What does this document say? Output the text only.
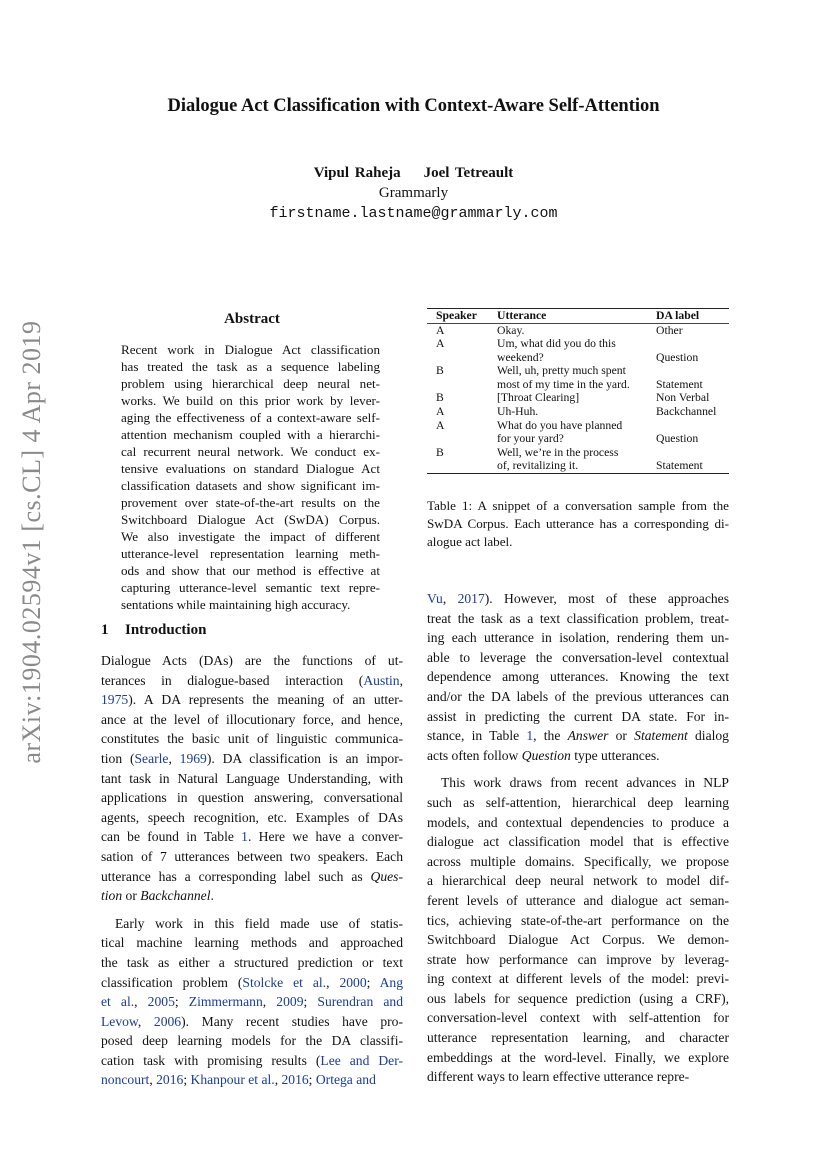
Dialogue Act Classification with Context-Aware Self-Attention
Vipul Raheja    Joel Tetreault
Grammarly
firstname.lastname@grammarly.com
arXiv:1904.02594v1 [cs.CL] 4 Apr 2019
Abstract
Recent work in Dialogue Act classification
has treated the task as a sequence labeling
problem using hierarchical deep neural net-
works. We build on this prior work by lever-
aging the effectiveness of a context-aware self-
attention mechanism coupled with a hierarchi-
cal recurrent neural network. We conduct ex-
tensive evaluations on standard Dialogue Act
classification datasets and show significant im-
provement over state-of-the-art results on the
Switchboard Dialogue Act (SwDA) Corpus.
We also investigate the impact of different
utterance-level representation learning meth-
ods and show that our method is effective at
capturing utterance-level semantic text repre-
sentations while maintaining high accuracy.
1 Introduction
Dialogue Acts (DAs) are the functions of ut-
terances in dialogue-based interaction (Austin,
1975). A DA represents the meaning of an utter-
ance at the level of illocutionary force, and hence,
constitutes the basic unit of linguistic communica-
tion (Searle, 1969). DA classification is an impor-
tant task in Natural Language Understanding, with
applications in question answering, conversational
agents, speech recognition, etc. Examples of DAs
can be found in Table 1. Here we have a conver-
sation of 7 utterances between two speakers. Each
utterance has a corresponding label such as Ques-
tion or Backchannel.
Early work in this field made use of statis-
tical machine learning methods and approached
the task as either a structured prediction or text
classification problem (Stolcke et al., 2000; Ang
et al., 2005; Zimmermann, 2009; Surendran and
Levow, 2006). Many recent studies have pro-
posed deep learning models for the DA classifi-
cation task with promising results (Lee and Der-
noncourt, 2016; Khanpour et al., 2016; Ortega and
Speaker	Utterance	DA label
A	Okay.	Other
A	Um, what did you do this
weekend?	Question
B	Well, uh, pretty much spent
most of my time in the yard.	Statement
B	[Throat Clearing]	Non Verbal
A	Uh-Huh.	Backchannel
A	What do you have planned
for your yard?	Question
B	Well, we’re in the process
of, revitalizing it.	Statement
Table 1: A snippet of a conversation sample from the
SwDA Corpus. Each utterance has a corresponding di-
alogue act label.
Vu, 2017). However, most of these approaches
treat the task as a text classification problem, treat-
ing each utterance in isolation, rendering them un-
able to leverage the conversation-level contextual
dependence among utterances. Knowing the text
and/or the DA labels of the previous utterances can
assist in predicting the current DA state. For in-
stance, in Table 1, the Answer or Statement dialog
acts often follow Question type utterances.
This work draws from recent advances in NLP
such as self-attention, hierarchical deep learning
models, and contextual dependencies to produce a
dialogue act classification model that is effective
across multiple domains. Specifically, we propose
a hierarchical deep neural network to model dif-
ferent levels of utterance and dialogue act seman-
tics, achieving state-of-the-art performance on the
Switchboard Dialogue Act Corpus. We demon-
strate how performance can improve by leverag-
ing context at different levels of the model: previ-
ous labels for sequence prediction (using a CRF),
conversation-level context with self-attention for
utterance representation learning, and character
embeddings at the word-level. Finally, we explore
different ways to learn effective utterance repre-
